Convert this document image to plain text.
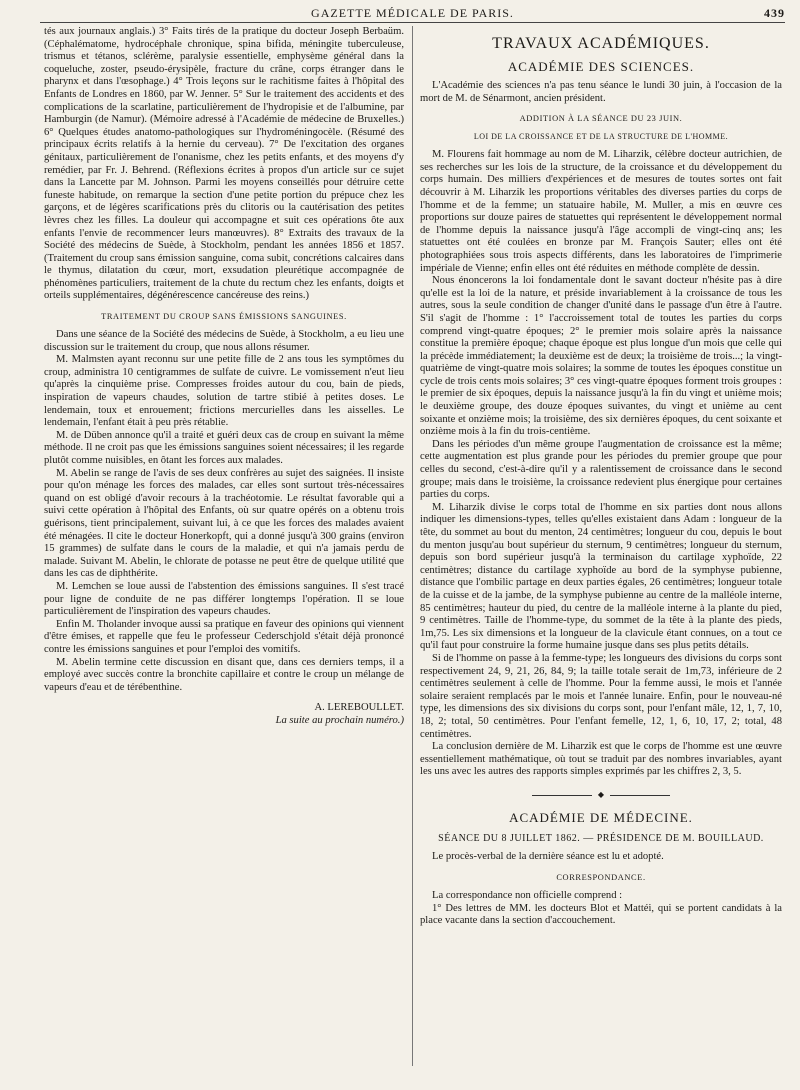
GAZETTE MÉDICALE DE PARIS.	439

tés aux journaux anglais.) 3° Faits tirés de la pratique du docteur Joseph Berbaüm. (Céphalématome, hydrocéphale chronique, spina bifida, méningite tuberculeuse, trismus et tétanos, sclérème, paralysie essentielle, emphysème général dans la coqueluche, zoster, pseudo-érysipèle, fracture du crâne, corps étranger dans le pharynx et dans l'œsophage.) 4° Trois leçons sur le rachitisme faites à l'hôpital des Enfants de Londres en 1860, par W. Jenner. 5° Sur le traitement des accidents et des complications de la scarlatine, particulièrement de l'hydropisie et de l'albumine, par Hamburgin (de Namur). (Mémoire adressé à l'Académie de médecine de Bruxelles.) 6° Quelques études anatomo-pathologiques sur l'hydroméningocèle. (Résumé des principaux écrits relatifs à la hernie du cerveau). 7° De l'excitation des organes génitaux, particulièrement de l'onanisme, chez les petits enfants, et des moyens d'y remédier, par Fr. J. Behrend. (Réflexions écrites à propos d'un article sur ce sujet dans la Lancette par M. Johnson. Parmi les moyens conseillés pour détruire cette funeste habitude, on remarque la section d'une petite portion du prépuce chez les garçons, et de légères scarifications près du clitoris ou la cautérisation des petites lèvres chez les filles. La douleur qui accompagne et suit ces opérations ôte aux enfants l'envie de recommencer leurs manœuvres). 8° Extraits des travaux de la Société des médecins de Suède, à Stockholm, pendant les années 1856 et 1857. (Traitement du croup sans émission sanguine, coma subit, concrétions calcaires dans le thymus, dilatation du cœur, mort, exsudation pleurétique accompagnée de phénomènes particuliers, traitement de la chute du rectum chez les enfants, doigts et orteils supplémentaires, dégénérescence cancéreuse des reins.)

TRAITEMENT DU CROUP SANS ÉMISSIONS SANGUINES.

Dans une séance de la Société des médecins de Suède, à Stockholm, a eu lieu une discussion sur le traitement du croup, que nous allons résumer.

M. Malmsten ayant reconnu sur une petite fille de 2 ans tous les symptômes du croup, administra 10 centigrammes de sulfate de cuivre. Le vomissement n'eut lieu qu'après la cinquième prise. Compresses froides autour du cou, bain de pieds, inspiration de vapeurs chaudes, solution de tartre stibié à petites doses. Le lendemain, toux et enrouement; frictions mercurielles dans les aisselles. Le lendemain, l'enfant était à peu près rétablie.

M. de Düben annonce qu'il a traité et guéri deux cas de croup en suivant la même méthode. Il ne croit pas que les émissions sanguines soient nécessaires; il les regarde plutôt comme nuisibles, en ôtant les forces aux malades.

M. Abelin se range de l'avis de ses deux confrères au sujet des saignées. Il insiste pour qu'on ménage les forces des malades, car elles sont surtout très-nécessaires quand on est obligé d'avoir recours à la trachéotomie. Le résultat favorable qui a suivi cette opération à l'hôpital des Enfants, où sur quatre opérés on a obtenu trois guérisons, tient principalement, suivant lui, à ce que les forces des malades avaient été ménagées. Il cite le docteur Honerkopft, qui a donné jusqu'à 300 grains (environ 15 grammes) de sulfate dans le cours de la maladie, et qui n'a jamais perdu de malade. Suivant M. Abelin, le chlorate de potasse ne peut être de quelque utilité que dans les cas de diphthérite.

M. Lemchen se loue aussi de l'abstention des émissions sanguines. Il s'est tracé pour ligne de conduite de ne pas différer longtemps l'opération. Il se loue particulièrement de l'inspiration des vapeurs chaudes.

Enfin M. Tholander invoque aussi sa pratique en faveur des opinions qui viennent d'être émises, et rappelle que feu le professeur Cederschjold s'était déjà prononcé contre les émissions sanguines et pour l'emploi des vomitifs.

M. Abelin termine cette discussion en disant que, dans ces derniers temps, il a employé avec succès contre la bronchite capillaire et contre le croup un mélange de vapeurs d'eau et de térébenthine.

A. LEREBOULLET.
La suite au prochain numéro.)
TRAVAUX ACADÉMIQUES.
ACADÉMIE DES SCIENCES.

L'Académie des sciences n'a pas tenu séance le lundi 30 juin, à l'occasion de la mort de M. de Sénarmont, ancien président.

ADDITION À LA SÉANCE DU 23 JUIN.
LOI DE LA CROISSANCE ET DE LA STRUCTURE DE L'HOMME.

M. Flourens fait hommage au nom de M. Liharzik, célèbre docteur autrichien, de ses recherches sur les lois de la structure, de la croissance et du développement du corps humain. Des milliers d'expériences et de mesures de toutes sortes ont fait découvrir à M. Liharzik les proportions véritables des diverses parties du corps de l'homme et de la femme; un statuaire habile, M. Muller, a mis en œuvre ces proportions sur douze paires de statuettes qui représentent le développement normal de l'homme depuis la naissance jusqu'à l'âge accompli de vingt-cinq ans; les statuettes ont été coulées en bronze par M. François Sauter; elles ont été photographiées sous trois aspects différents, dans les laboratoires de l'imprimerie impériale de Vienne; enfin elles ont été réduites en méthode complète de dessin.

Nous énoncerons la loi fondamentale dont le savant docteur n'hésite pas à dire qu'elle est la loi de la nature, et préside invariablement à la croissance de tous les autres, sous la seule condition de changer d'unité dans le passage d'un être à l'autre. S'il s'agit de l'homme : 1° l'accroissement total de toutes les parties du corps comprend vingt-quatre époques; 2° le premier mois solaire après la naissance constitue la première époque; chaque époque est plus longue d'un mois que celle qui la précède immédiatement; la deuxième est de deux; la troisième de trois...; la vingt-quatrième de vingt-quatre mois solaires; la somme de toutes les époques constitue un cycle de trois cents mois solaires; 3° ces vingt-quatre époques forment trois groupes : le premier de six époques, depuis la naissance jusqu'à la fin du vingt et unième mois; le deuxième groupe, des douze époques suivantes, du vingt et unième au cent soixante et onzième mois; la troisième, des six dernières époques, du cent soixante et onzième mois à la fin du trois-centième.

Dans les périodes d'un même groupe l'augmentation de croissance est la même; cette augmentation est plus grande pour les périodes du premier groupe que pour celles du second, c'est-à-dire qu'il y a ralentissement de croissance dans le second groupe; mais dans le troisième, la croissance redevient plus énergique pour certaines parties du corps.

M. Liharzik divise le corps total de l'homme en six parties dont nous allons indiquer les dimensions-types, telles qu'elles existaient dans Adam : longueur de la tête, du sommet au bout du menton, 24 centimètres; longueur du cou, depuis le bout du menton jusqu'au bout supérieur du sternum, 9 centimètres; longueur du sternum, depuis son bord supérieur jusqu'à la terminaison du cartilage xyphoïde, 22 centimètres; distance du cartilage xyphoïde au bord de la symphyse pubienne, distance que l'ombilic partage en deux parties égales, 26 centimètres; longueur totale de la cuisse et de la jambe, de la symphyse pubienne au centre de la malléole interne, 85 centimètres; hauteur du pied, du centre de la malléole interne à la plante du pied, 9 centimètres. Taille de l'homme-type, du sommet de la tête à la plante des pieds, 1m,75. Les six dimensions et la longueur de la clavicule étant connues, on a tout ce qu'il faut pour construire la forme humaine jusque dans ses plus petits détails.

Si de l'homme on passe à la femme-type; les longueurs des divisions du corps sont respectivement 24, 9, 21, 26, 84, 9; la taille totale serait de 1m,73, inférieure de 2 centimètres seulement à celle de l'homme. Pour la femme aussi, le mois et l'année solaire seraient remplacés par le mois et l'année lunaire. Enfin, pour le nouveau-né type, les dimensions des six divisions du corps sont, pour l'enfant mâle, 12, 1, 7, 10, 18, 2; total, 50 centimètres. Pour l'enfant femelle, 12, 1, 6, 10, 17, 2; total, 48 centimètres.

La conclusion dernière de M. Liharzik est que le corps de l'homme est une œuvre essentiellement mathématique, où tout se traduit par des nombres invariables, ayant les uns avec les autres des rapports simples exprimés par les chiffres 2, 3, 5.

◆
ACADÉMIE DE MÉDECINE.
SÉANCE DU 8 JUILLET 1862. — PRÉSIDENCE DE M. BOUILLAUD.

Le procès-verbal de la dernière séance est lu et adopté.

CORRESPONDANCE.

La correspondance non officielle comprend :

1° Des lettres de MM. les docteurs Blot et Mattéi, qui se portent candidats à la place vacante dans la section d'accouchement.
